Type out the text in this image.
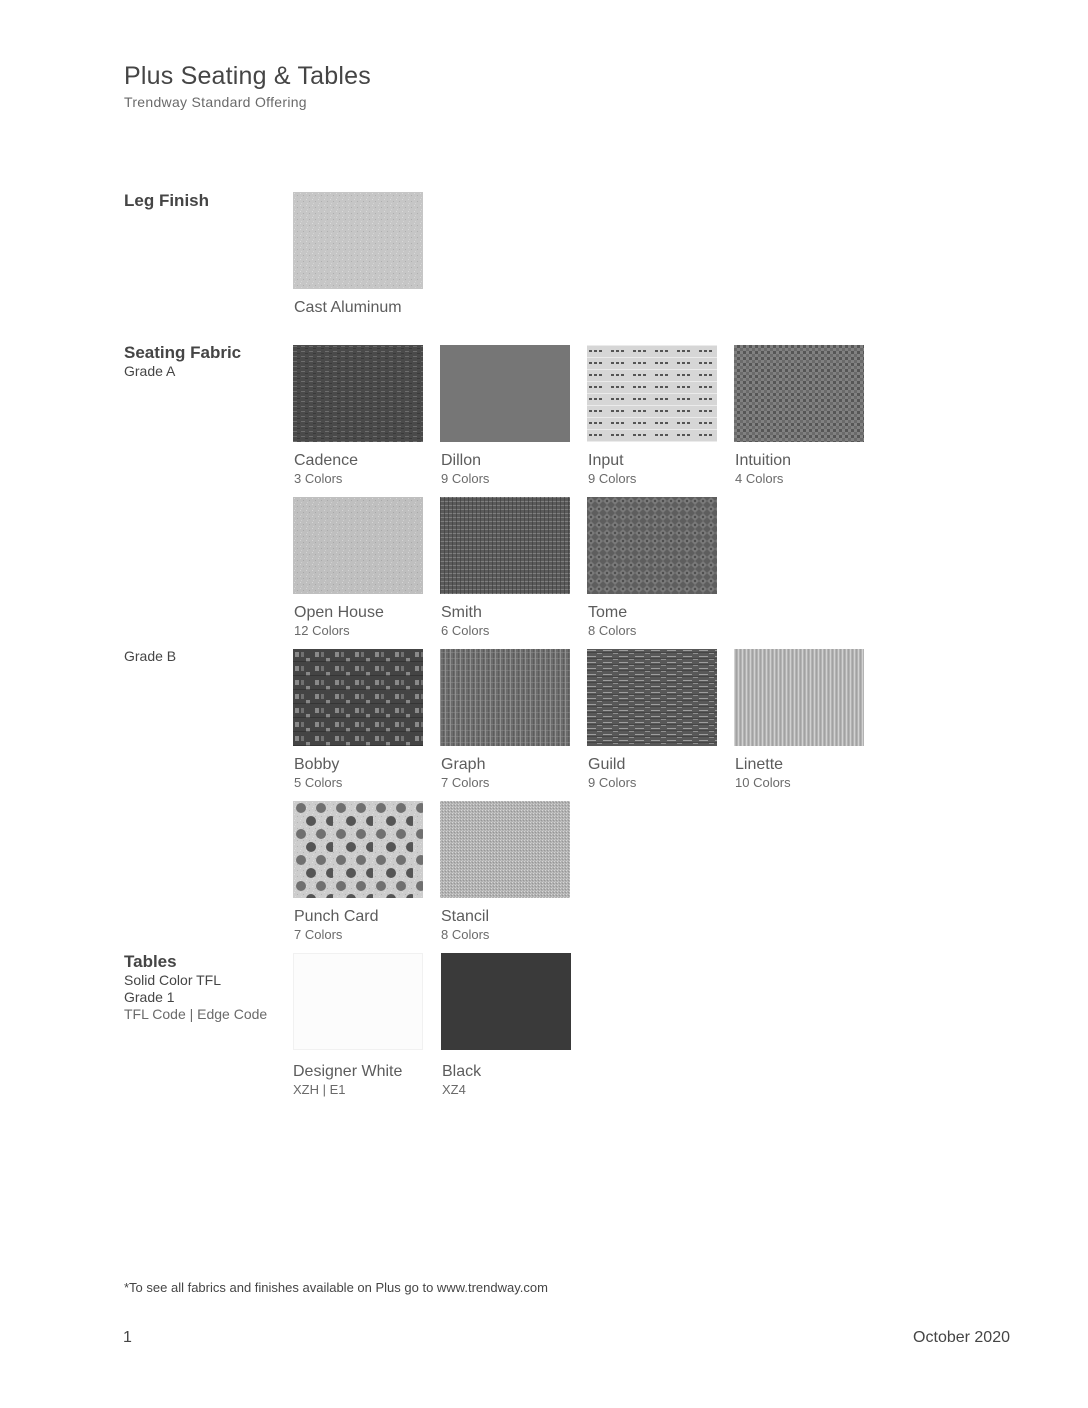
Plus Seating & Tables
Trendway Standard Offering
Leg Finish
Cast Aluminum
Seating Fabric
Grade A
Cadence
3 Colors
Dillon
9 Colors
Input
9 Colors
Intuition
4 Colors
Open House
12 Colors
Smith
6 Colors
Tome
8 Colors
Grade B
Bobby
5 Colors
Graph
7 Colors
Guild
9 Colors
Linette
10 Colors
Punch Card
7 Colors
Stancil
8 Colors
Tables
Solid Color TFL
Grade 1
TFL Code | Edge Code
Designer White
XZH | E1
Black
XZ4
*To see all fabrics and finishes available on Plus go to www.trendway.com
1	October 2020
